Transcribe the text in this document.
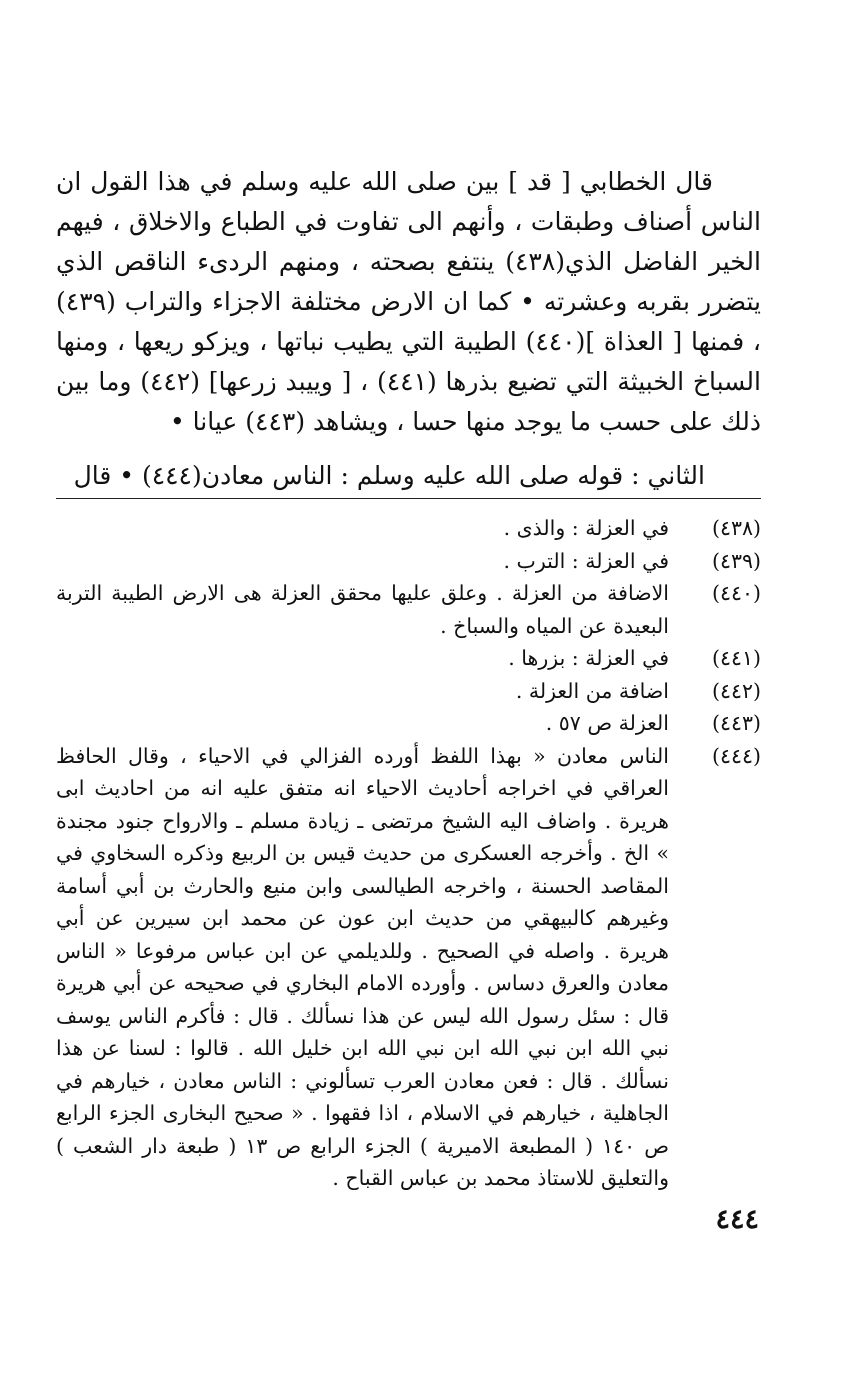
قال الخطابي [ قد ] بين صلى الله عليه وسلم في هذا القول ان الناس أصناف وطبقات ، وأنهم الى تفاوت في الطباع والاخلاق ، فيهم الخير الفاضل الذي(٤٣٨) ينتفع بصحته ، ومنهم الردىء الناقص الذي يتضرر بقربه وعشرته • كما ان الارض مختلفة الاجزاء والتراب (٤٣٩) ، فمنها [ العذاة ](٤٤٠) الطيبة التي يطيب نباتها ، ويزكو ريعها ، ومنها السباخ الخبيثة التي تضيع بذرها (٤٤١) ، [ وييبد زرعها] (٤٤٢) وما بين ذلك على حسب ما يوجد منها حسا ، ويشاهد (٤٤٣) عيانا •

الثاني : قوله صلى الله عليه وسلم : الناس معادن(٤٤٤) • قال

(٤٣٨)
في العزلة : والذى .
(٤٣٩)
في العزلة : الترب .
(٤٤٠)
الاضافة من العزلة . وعلق عليها محقق العزلة هى الارض الطيبة التربة البعيدة عن المياه والسباخ .
(٤٤١)
في العزلة : بزرها .
(٤٤٢)
اضافة من العزلة .
(٤٤٣)
العزلة ص ٥٧ .
(٤٤٤)
الناس معادن « بهذا اللفظ أورده الفزالي في الاحياء ، وقال الحافظ العراقي في اخراجه أحاديث الاحياء انه متفق عليه انه من احاديث ابى هريرة . واضاف اليه الشيخ مرتضى ـ زيادة مسلم ـ والارواح جنود مجندة » الخ . وأخرجه العسكرى من حديث قيس بن الربيع وذكره السخاوي في المقاصد الحسنة ، واخرجه الطيالسى وابن منيع والحارث بن أبي أسامة وغيرهم كالبيهقي من حديث ابن عون عن محمد ابن سيرين عن أبي هريرة . واصله في الصحيح . وللديلمي عن ابن عباس مرفوعا « الناس معادن والعرق دساس . وأورده الامام البخاري في صحيحه عن أبي هريرة قال : سئل رسول الله ليس عن هذا نسألك . قال : فأكرم الناس يوسف نبي الله ابن نبي الله ابن نبي الله ابن خليل الله . قالوا : لسنا عن هذا نسألك . قال : فعن معادن العرب تسألوني : الناس معادن ، خيارهم في الجاهلية ، خيارهم في الاسلام ، اذا فقهوا . « صحيح البخارى الجزء الرابع ص ١٤٠ ( المطبعة الاميرية ) الجزء الرابع ص ١٣ ( طبعة دار الشعب ) والتعليق للاستاذ محمد بن عباس القباح .
٤٤٤
